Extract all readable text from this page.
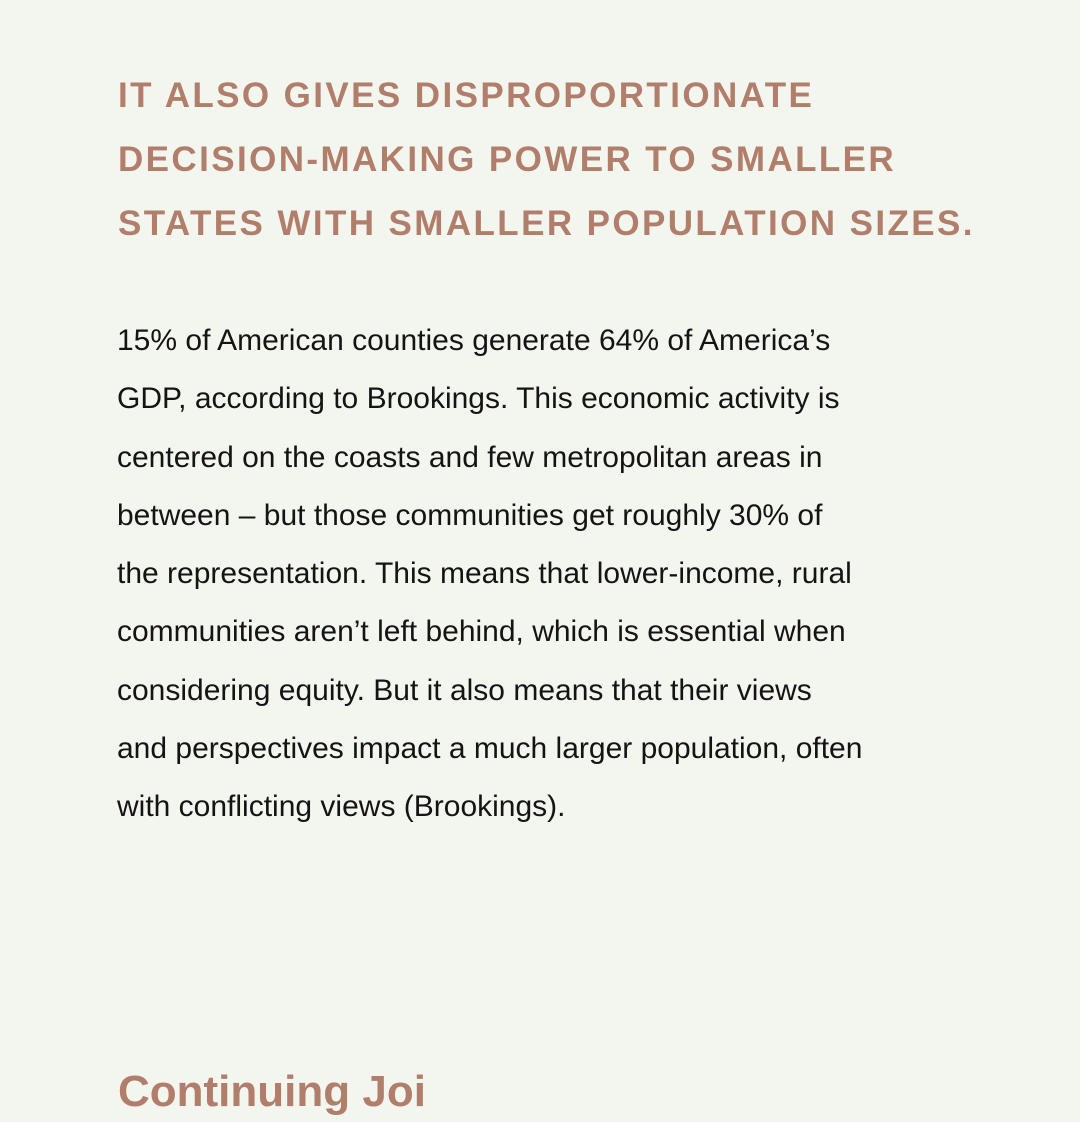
IT ALSO GIVES DISPROPORTIONATE
DECISION-MAKING POWER TO SMALLER
STATES WITH SMALLER POPULATION SIZES.

15% of American counties generate 64% of America’s
GDP, according to Brookings. This economic activity is
centered on the coasts and few metropolitan areas in
between – but those communities get roughly 30% of
the representation. This means that lower-income, rural
communities aren’t left behind, which is essential when
considering equity. But it also means that their views
and perspectives impact a much larger population, often
with conflicting views (Brookings).

Continuing Joi
